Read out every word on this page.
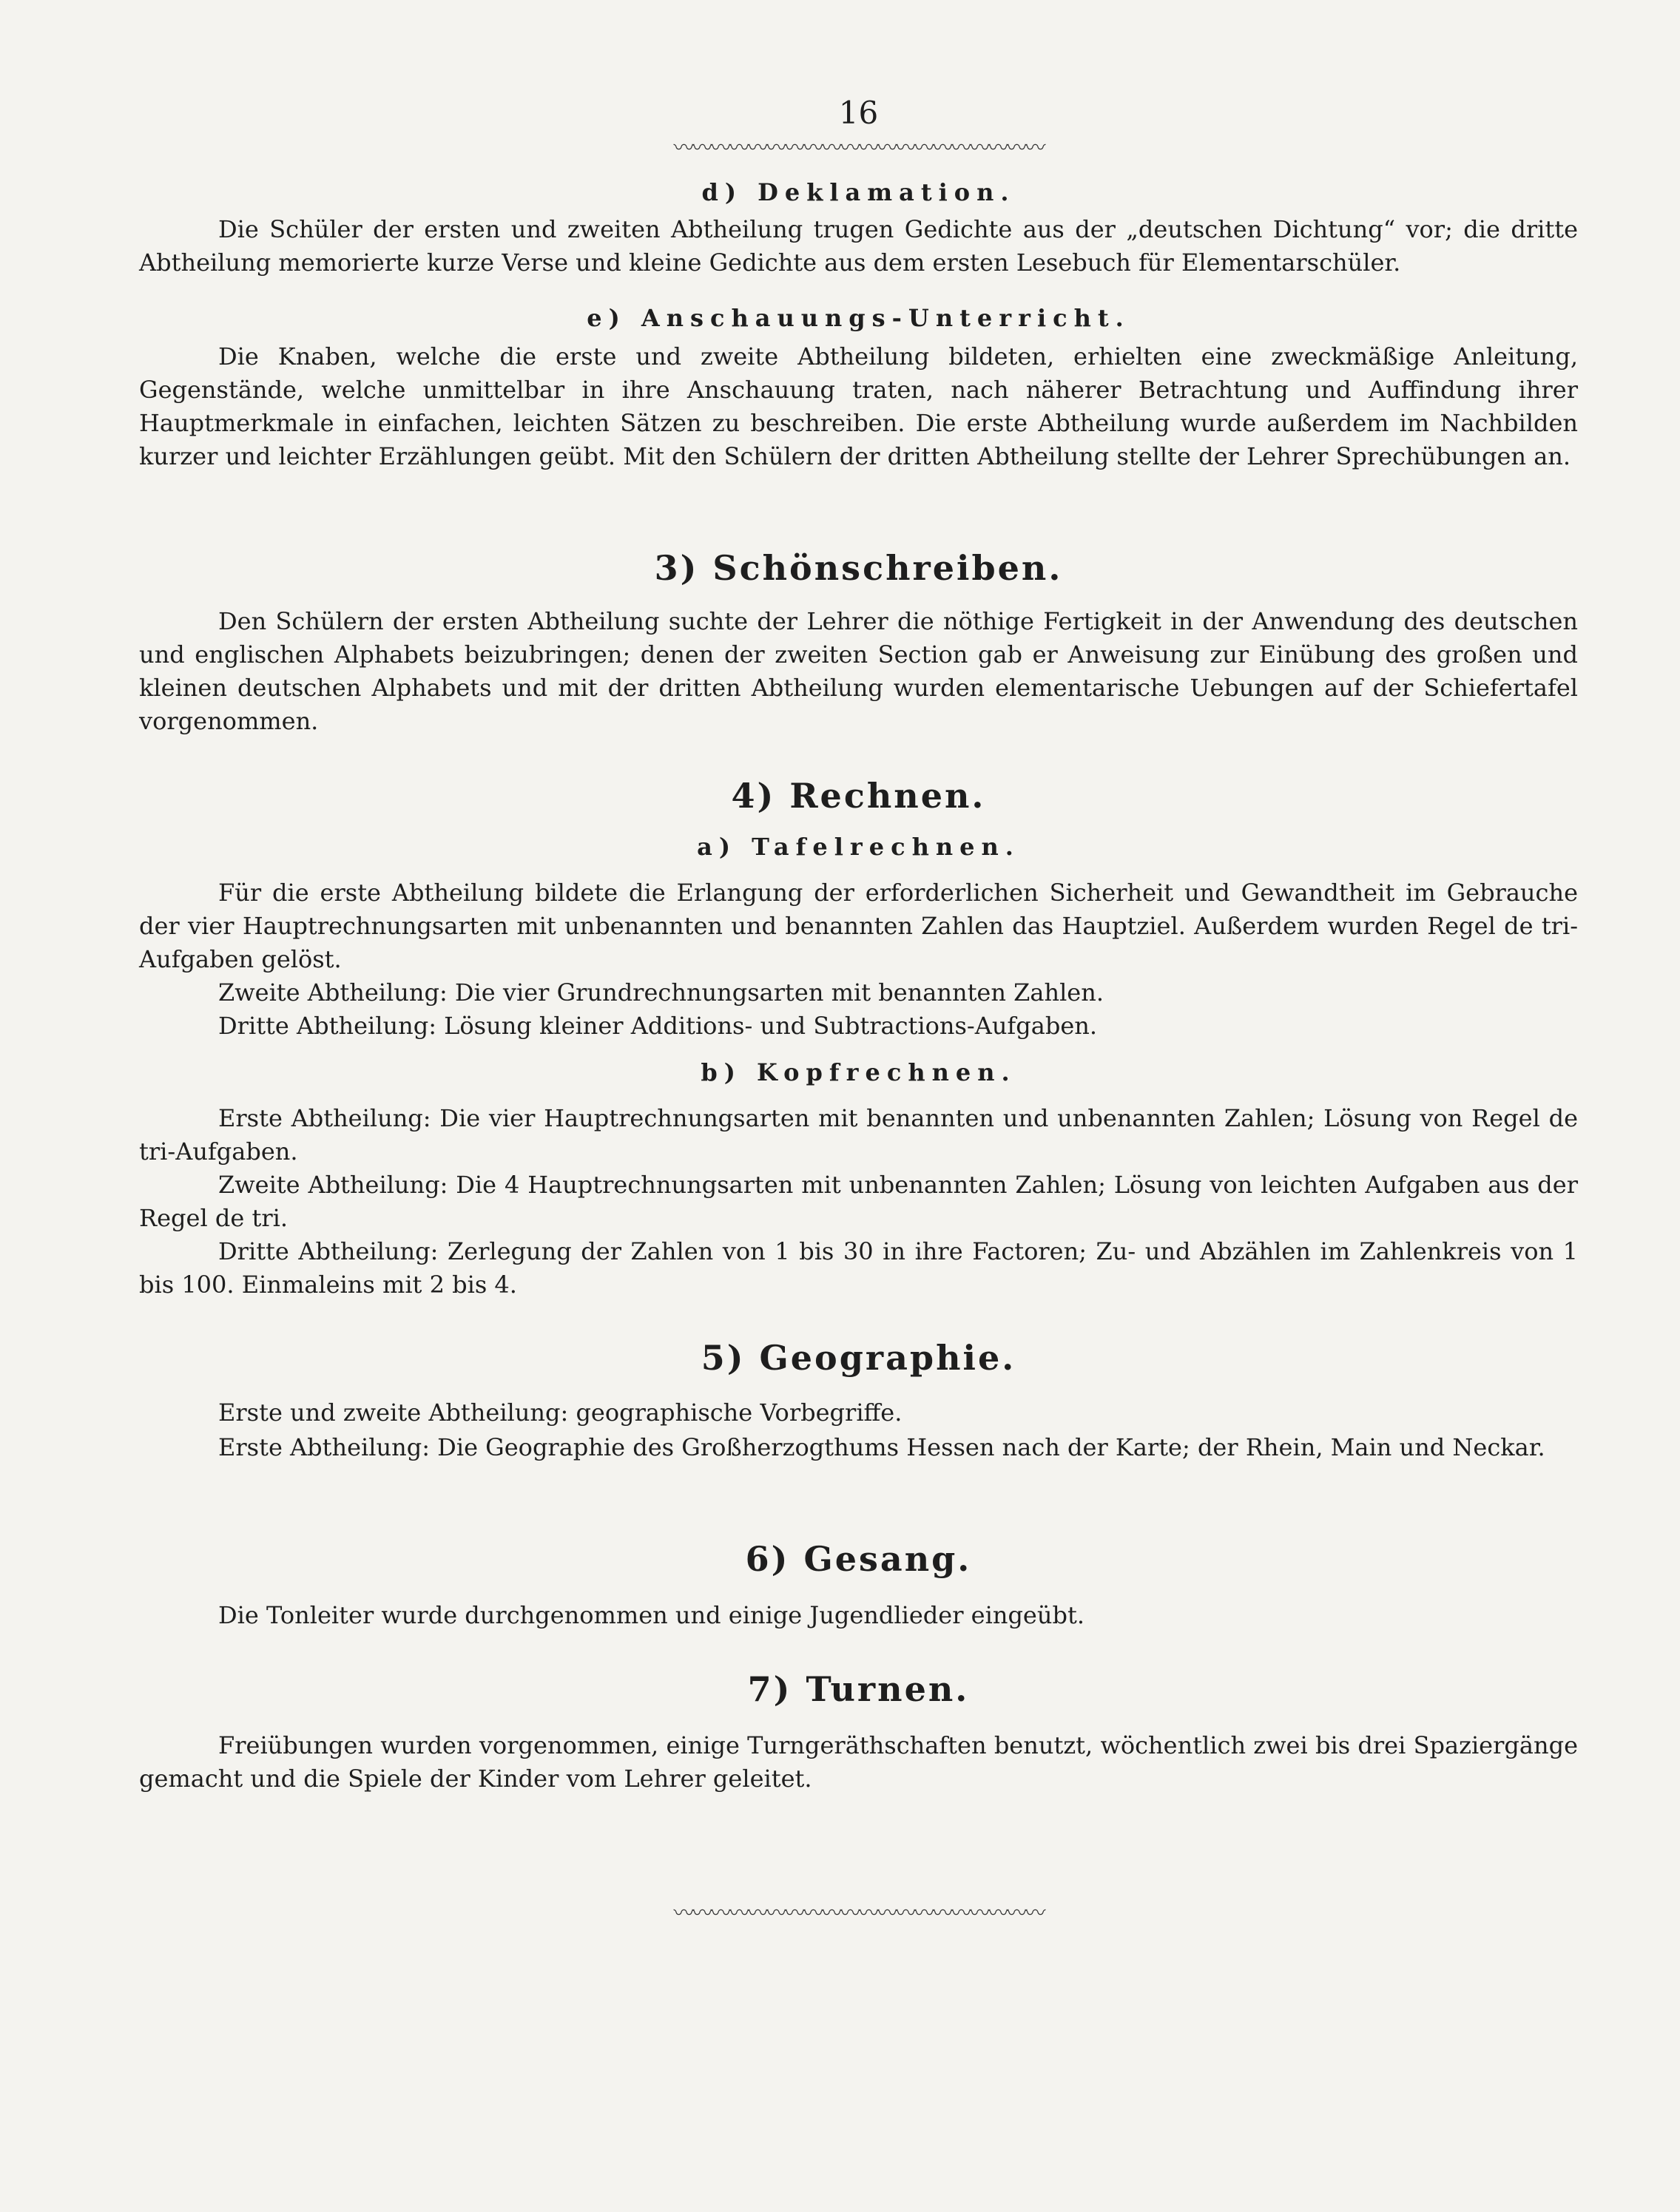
16
〰〰〰〰〰〰〰〰〰〰〰〰〰〰〰〰〰〰〰〰
d) Deklamation.

Die Schüler der ersten und zweiten Abtheilung trugen Gedichte aus der „deutschen Dichtung“ vor; die dritte Abtheilung memorierte kurze Verse und kleine Gedichte aus dem ersten Lesebuch für Elementarschüler.

e) Anschauungs-Unterricht.

Die Knaben, welche die erste und zweite Abtheilung bildeten, erhielten eine zweckmäßige Anleitung, Gegenstände, welche unmittelbar in ihre Anschauung traten, nach näherer Betrachtung und Auffindung ihrer Hauptmerkmale in einfachen, leichten Sätzen zu beschreiben. Die erste Abtheilung wurde außerdem im Nachbilden kurzer und leichter Erzählungen geübt. Mit den Schülern der dritten Abtheilung stellte der Lehrer Sprechübungen an.

3) Schönschreiben.

Den Schülern der ersten Abtheilung suchte der Lehrer die nöthige Fertigkeit in der Anwendung des deutschen und englischen Alphabets beizubringen; denen der zweiten Section gab er Anweisung zur Einübung des großen und kleinen deutschen Alphabets und mit der dritten Abtheilung wurden elementarische Uebungen auf der Schiefertafel vorgenommen.

4) Rechnen.
a) Tafelrechnen.

Für die erste Abtheilung bildete die Erlangung der erforderlichen Sicherheit und Gewandtheit im Gebrauche der vier Hauptrechnungsarten mit unbenannten und benannten Zahlen das Hauptziel. Außerdem wurden Regel de tri-Aufgaben gelöst.

Zweite Abtheilung: Die vier Grundrechnungsarten mit benannten Zahlen.

Dritte Abtheilung: Lösung kleiner Additions- und Subtractions-Aufgaben.

b) Kopfrechnen.

Erste Abtheilung: Die vier Hauptrechnungsarten mit benannten und unbenannten Zahlen; Lösung von Regel de tri-Aufgaben.

Zweite Abtheilung: Die 4 Hauptrechnungsarten mit unbenannten Zahlen; Lösung von leichten Aufgaben aus der Regel de tri.

Dritte Abtheilung: Zerlegung der Zahlen von 1 bis 30 in ihre Factoren; Zu- und Abzählen im Zahlenkreis von 1 bis 100. Einmaleins mit 2 bis 4.

5) Geographie.

Erste und zweite Abtheilung: geographische Vorbegriffe.

Erste Abtheilung: Die Geographie des Großherzogthums Hessen nach der Karte; der Rhein, Main und Neckar.

6) Gesang.

Die Tonleiter wurde durchgenommen und einige Jugendlieder eingeübt.

7) Turnen.

Freiübungen wurden vorgenommen, einige Turngeräthschaften benutzt, wöchentlich zwei bis drei Spaziergänge gemacht und die Spiele der Kinder vom Lehrer geleitet.

〰〰〰〰〰〰〰〰〰〰〰〰〰〰〰〰〰〰〰〰
